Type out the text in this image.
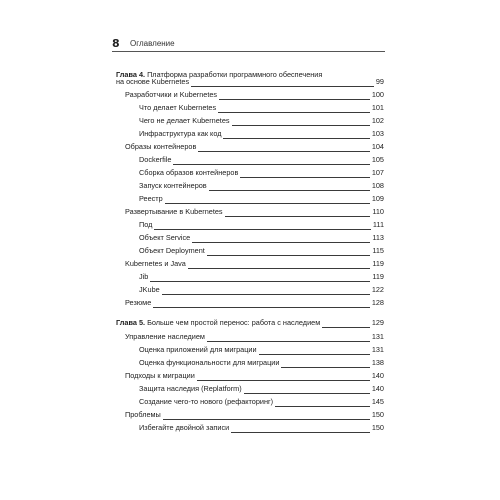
8 Оглавление
Глава 4. Платформа разработки программного обеспечения
на основе Kubernetes	99
Разработчики и Kubernetes	100
Что делает Kubernetes	101
Чего не делает Kubernetes	102
Инфраструктура как код	103
Образы контейнеров	104
Dockerfile	105
Сборка образов контейнеров	107
Запуск контейнеров	108
Реестр	109
Развертывание в Kubernetes	110
Под	111
Объект Service	113
Объект Deployment	115
Kubernetes и Java	119
Jib	119
JKube	122
Резюме	128
Глава 5. Больше чем простой перенос: работа с наследием	129
Управление наследием	131
Оценка приложений для миграции	131
Оценка функциональности для миграции	138
Подходы к миграции	140
Защита наследия (Replatform)	140
Создание чего-то нового (рефакторинг)	145
Проблемы	150
Избегайте двойной записи	150
